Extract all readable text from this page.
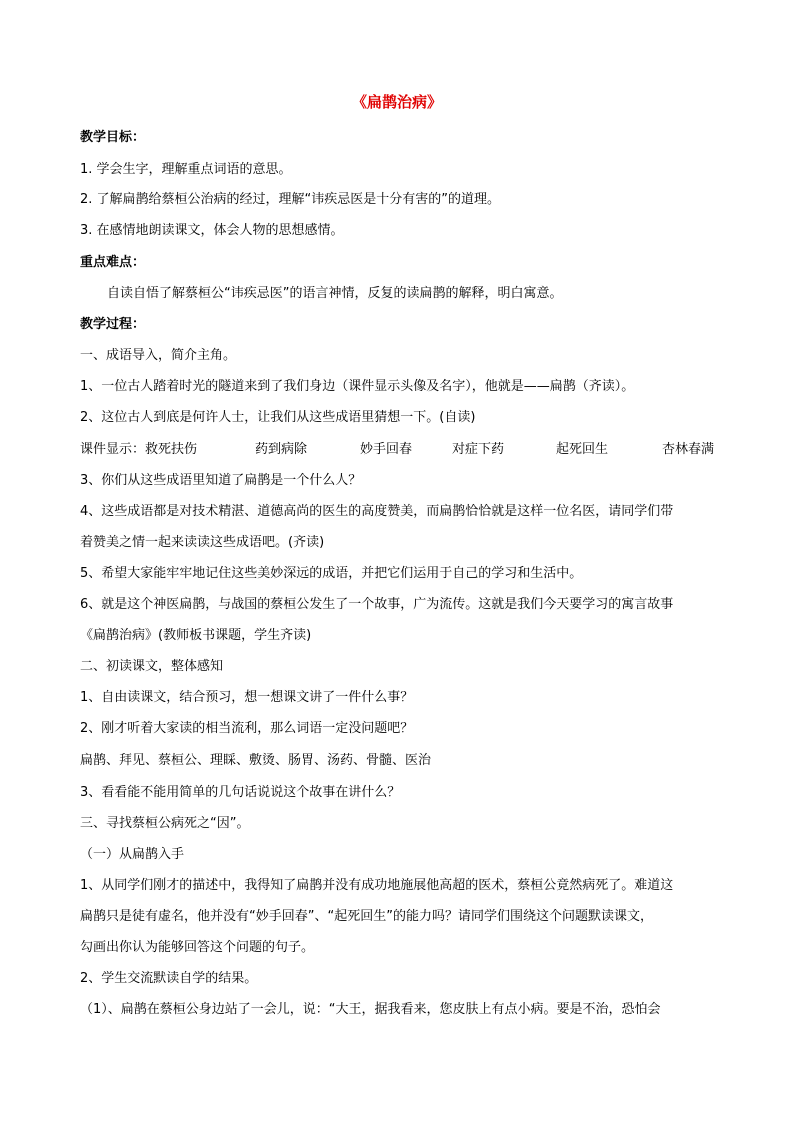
《扁鹊治病》
教学目标：
1. 学会生字，理解重点词语的意思。
2. 了解扁鹊给蔡桓公治病的经过，理解“讳疾忌医是十分有害的”的道理。
3. 在感情地朗读课文，体会人物的思想感情。
重点难点：
自读自悟了解蔡桓公“讳疾忌医”的语言神情，反复的读扁鹊的解释，明白寓意。
教学过程：
一、成语导入，简介主角。
1、一位古人踏着时光的隧道来到了我们身边（课件显示头像及名字），他就是——扁鹊（齐读）。
2、这位古人到底是何许人士，让我们从这些成语里猜想一下。(自读)
课件显示： 救死扶伤	药到病除	妙手回春	对症下药	起死回生	杏林春满
3、你们从这些成语里知道了扁鹊是一个什么人？
4、这些成语都是对技术精湛、道德高尚的医生的高度赞美，而扁鹊恰恰就是这样一位名医，请同学们带
着赞美之情一起来读读这些成语吧。(齐读)
5、希望大家能牢牢地记住这些美妙深远的成语，并把它们运用于自己的学习和生活中。
6、就是这个神医扁鹊，与战国的蔡桓公发生了一个故事，广为流传。这就是我们今天要学习的寓言故事
《扁鹊治病》(教师板书课题，学生齐读)
二、初读课文，整体感知
1、自由读课文，结合预习，想一想课文讲了一件什么事？
2、刚才听着大家读的相当流利，那么词语一定没问题吧？
扁鹊、拜见、蔡桓公、理睬、敷烫、肠胃、汤药、骨髓、医治
3、看看能不能用简单的几句话说说这个故事在讲什么？
三、寻找蔡桓公病死之“因”。
（一）从扁鹊入手
1、从同学们刚才的描述中，我得知了扁鹊并没有成功地施展他高超的医术，蔡桓公竟然病死了。难道这
扁鹊只是徒有虚名，他并没有“妙手回春”、“起死回生”的能力吗？请同学们围绕这个问题默读课文，
勾画出你认为能够回答这个问题的句子。
2、学生交流默读自学的结果。
（1）、扁鹊在蔡桓公身边站了一会儿，说：“大王，据我看来，您皮肤上有点小病。要是不治，恐怕会
